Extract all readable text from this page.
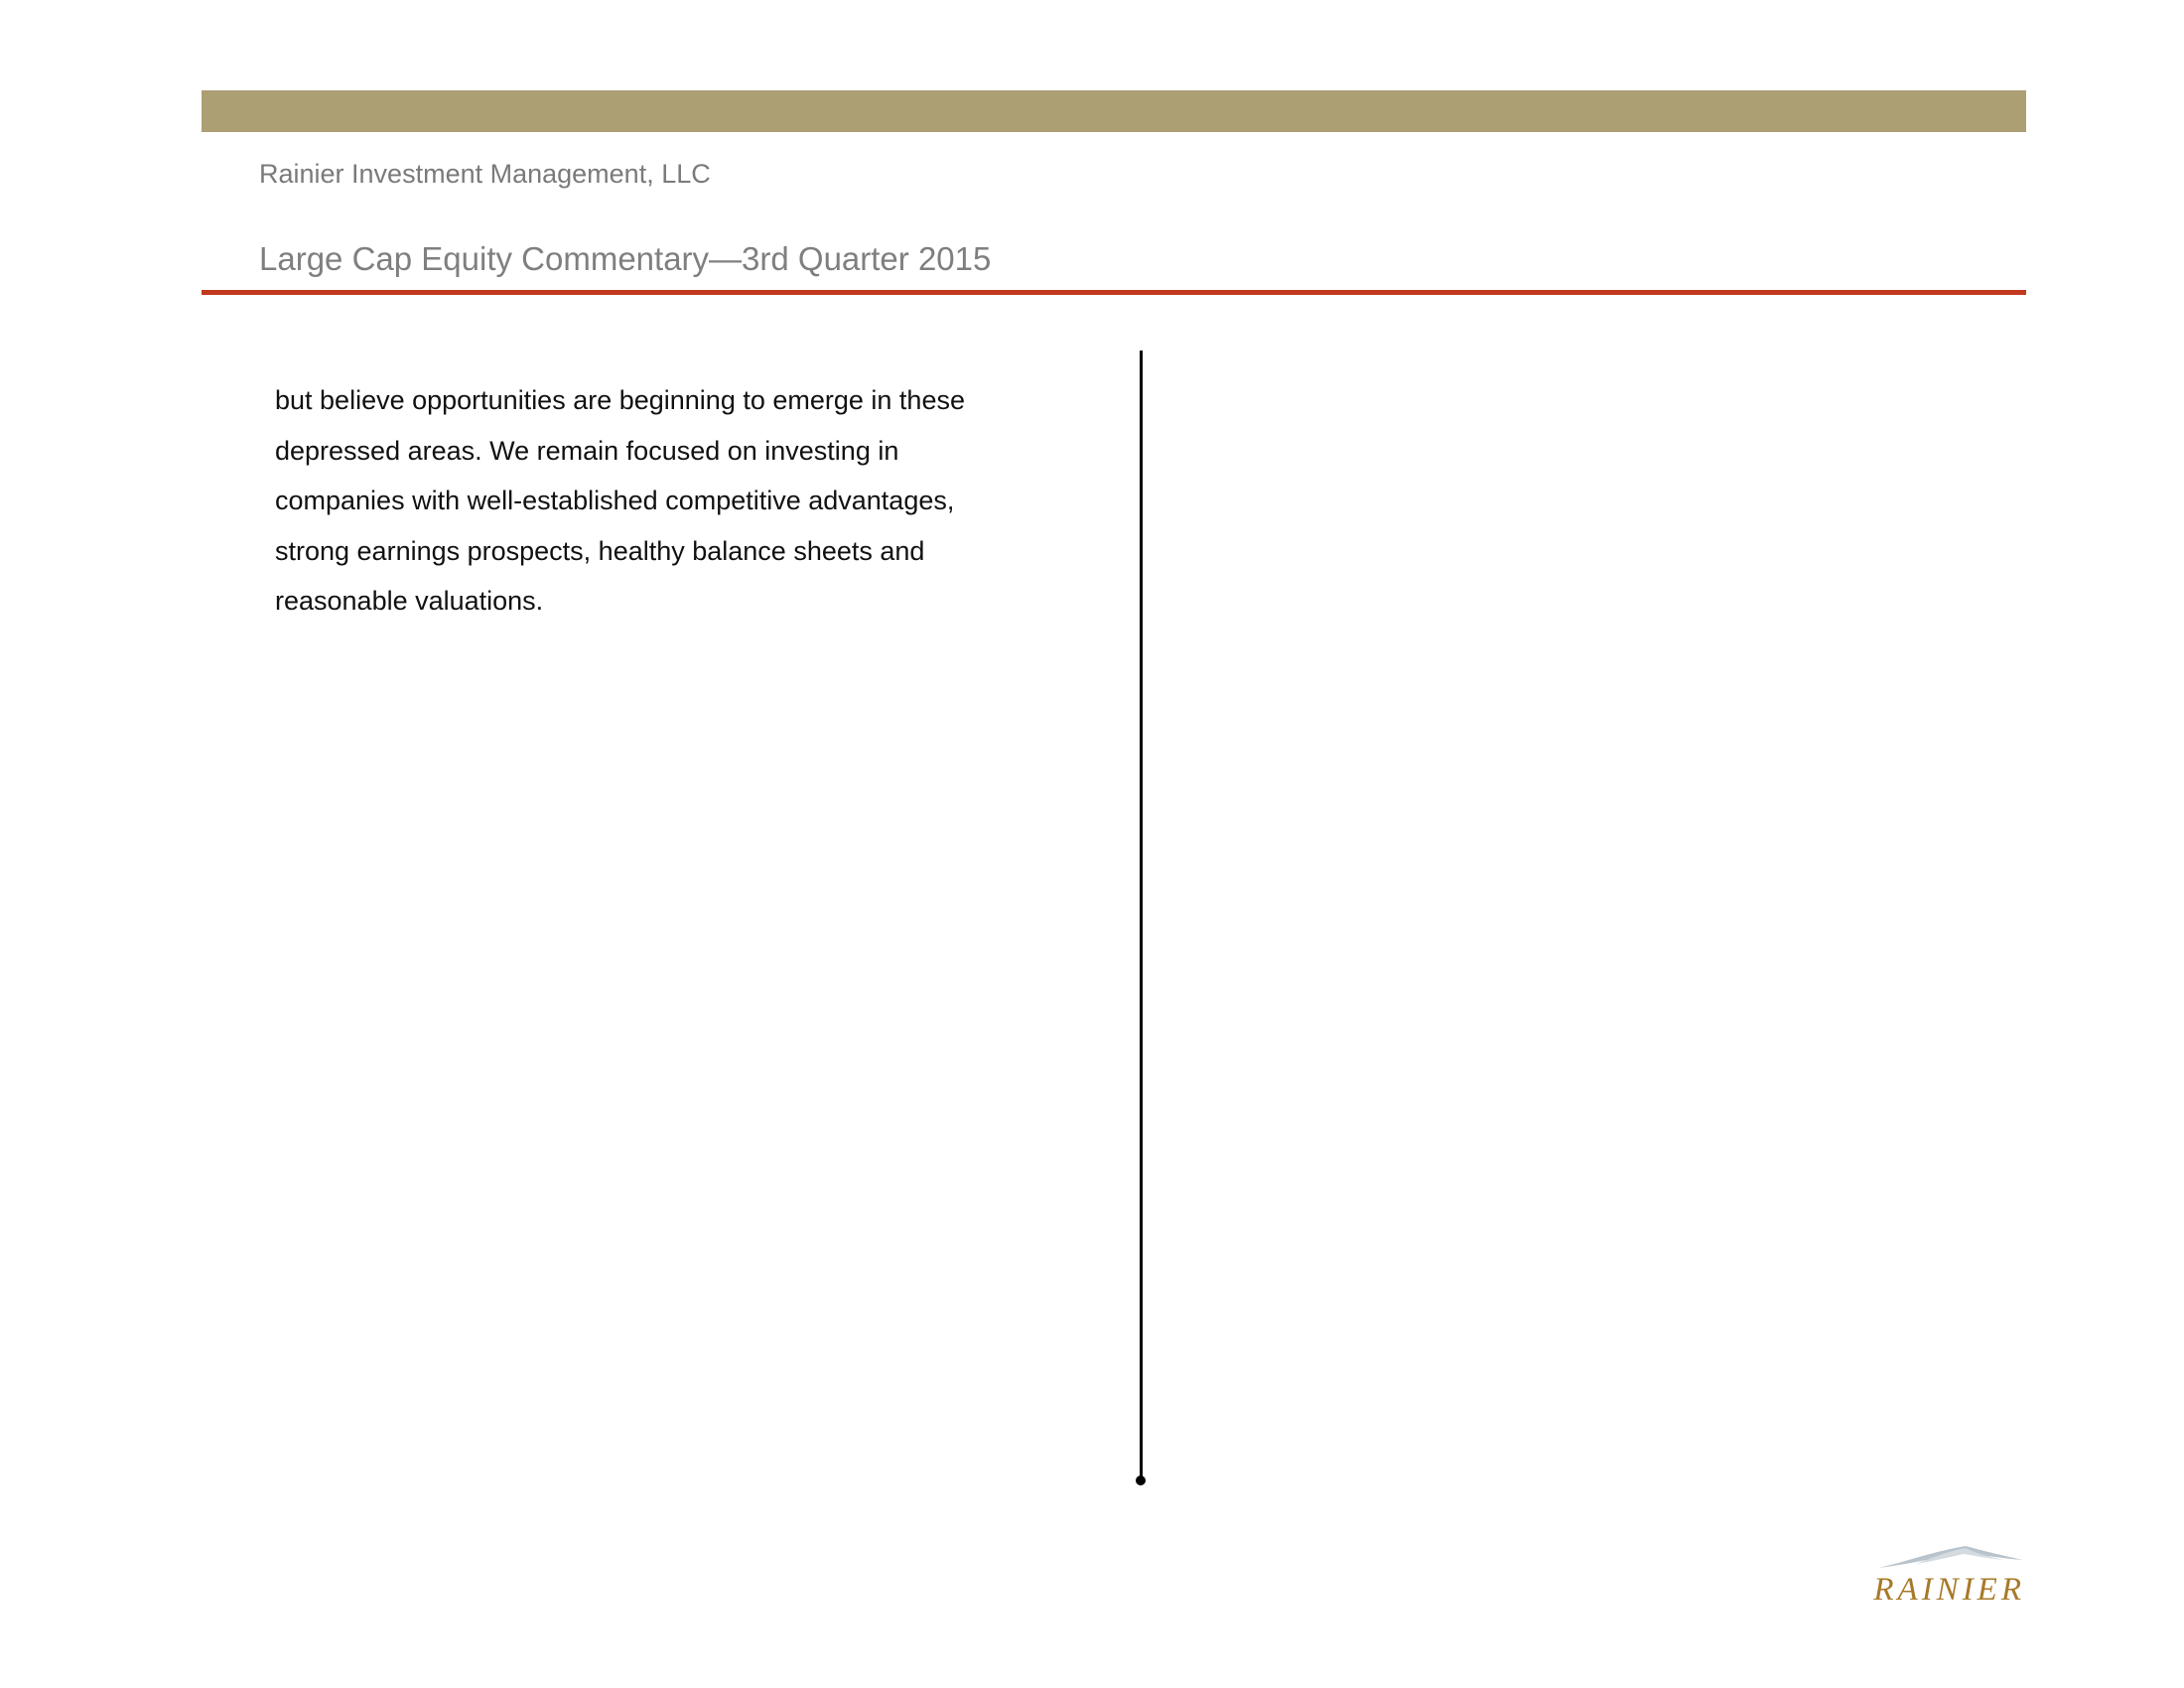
Rainier Investment Management, LLC
Large Cap Equity Commentary—3rd Quarter 2015
but believe opportunities are beginning to emerge in these
depressed areas. We remain focused on investing in
companies with well-established competitive advantages,
strong earnings prospects, healthy balance sheets and
reasonable valuations.
RAINIER
